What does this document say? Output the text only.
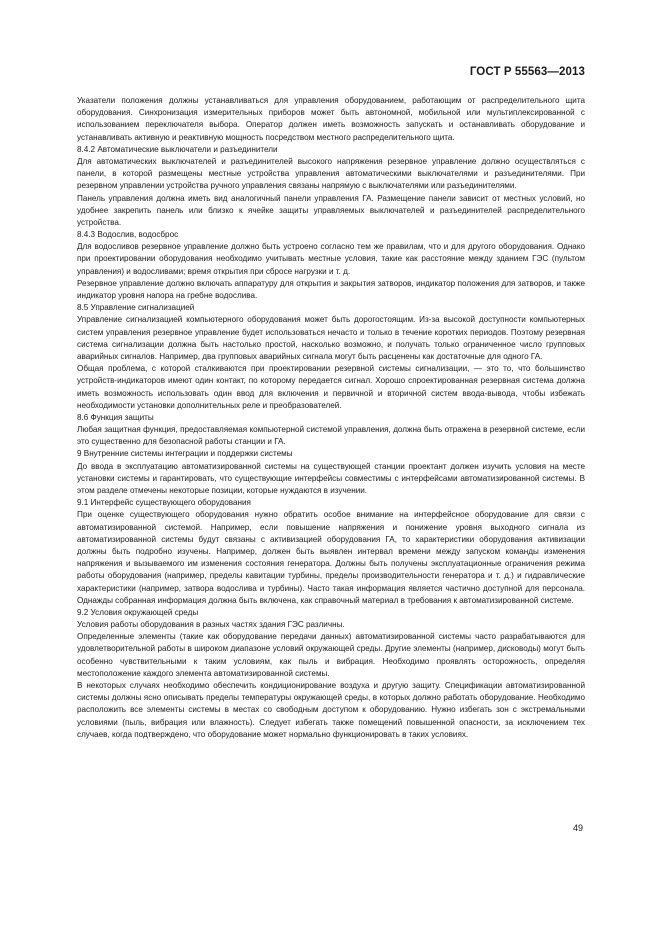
ГОСТ Р 55563—2013

Указатели положения должны устанавливаться для управления оборудованием, работающим от распределительного щита оборудования. Синхронизация измерительных приборов может быть автономной, мобильной или мультиплексированной с использованием переключателя выбора. Оператор должен иметь возможность запускать и останавливать оборудование и устанавливать активную и реактивную мощность посредством местного распределительного щита.

8.4.2 Автоматические выключатели и разъединители

Для автоматических выключателей и разъединителей высокого напряжения резервное управление должно осуществляться с панели, в которой размещены местные устройства управления автоматическими выключателями и разъединителями. При резервном управлении устройства ручного управления связаны напрямую с выключателями или разъединителями.

Панель управления должна иметь вид аналогичный панели управления ГА. Размещение панели зависит от местных условий, но удобнее закрепить панель или близко к ячейке защиты управляемых выключателей и разъединителей распределительного устройства.

8.4.3 Водослив, водосброс

Для водосливов резервное управление должно быть устроено согласно тем же правилам, что и для другого оборудования. Однако при проектировании оборудования необходимо учитывать местные условия, такие как расстояние между зданием ГЭС (пультом управления) и водосливами; время открытия при сбросе нагрузки и т. д.

Резервное управление должно включать аппаратуру для открытия и закрытия затворов, индикатор положения для затворов, и также индикатор уровня напора на гребне водослива.

8.5 Управление сигнализацией

Управление сигнализацией компьютерного оборудования может быть дорогостоящим. Из-за высокой доступности компьютерных систем управления резервное управление будет использоваться нечасто и только в течение коротких периодов. Поэтому резервная система сигнализации должна быть настолько простой, насколько возможно, и получать только ограниченное число групповых аварийных сигналов. Например, два групповых аварийных сигнала могут быть расценены как достаточные для одного ГА.

Общая проблема, с которой сталкиваются при проектировании резервной системы сигнализации, — это то, что большинство устройств-индикаторов имеют один контакт, по которому передается сигнал. Хорошо спроектированная резервная система должна иметь возможность использовать один ввод для включения и первичной и вторичной систем ввода-вывода, чтобы избежать необходимости установки дополнительных реле и преобразователей.

8.6 Функция защиты

Любая защитная функция, предоставляемая компьютерной системой управления, должна быть отражена в резервной системе, если это существенно для безопасной работы станции и ГА.

9 Внутренние системы интеграции и поддержки системы

До ввода в эксплуатацию автоматизированной системы на существующей станции проектант должен изучить условия на месте установки системы и гарантировать, что существующие интерфейсы совместимы с интерфейсами автоматизированной системы. В этом разделе отмечены некоторые позиции, которые нуждаются в изучении.

9.1 Интерфейс существующего оборудования

При оценке существующего оборудования нужно обратить особое внимание на интерфейсное оборудование для связи с автоматизированной системой. Например, если повышение напряжения и понижение уровня выходного сигнала из автоматизированной системы будут связаны с активизацией оборудования ГА, то характеристики оборудования активизации должны быть подробно изучены. Например, должен быть выявлен интервал времени между запуском команды изменения напряжения и вызываемого им изменения состояния генератора. Должны быть получены эксплуатационные ограничения режима работы оборудования (например, пределы кавитации турбины, пределы производительности генератора и т. д.) и гидравлические характеристики (например, затвора водослива и турбины). Часто такая информация является частично доступной для персонала. Однажды собранная информация должна быть включена, как справочный материал в требования к автоматизированной системе.

9.2 Условия окружающей среды

Условия работы оборудования в разных частях здания ГЭС различны.

Определенные элементы (такие как оборудование передачи данных) автоматизированной системы часто разрабатываются для удовлетворительной работы в широком диапазоне условий окружающей среды. Другие элементы (например, дисководы) могут быть особенно чувствительными к таким условиям, как пыль и вибрация. Необходимо проявлять осторожность, определяя местоположение каждого элемента автоматизированной системы.

В некоторых случаях необходимо обеспечить кондиционирование воздуха и другую защиту. Спецификации автоматизированной системы должны ясно описывать пределы температуры окружающей среды, в которых должно работать оборудование. Необходимо расположить все элементы системы в местах со свободным доступом к оборудованию. Нужно избегать зон с экстремальными условиями (пыль, вибрация или влажность). Следует избегать также помещений повышенной опасности, за исключением тех случаев, когда подтверждено, что оборудование может нормально функционировать в таких условиях.

49
